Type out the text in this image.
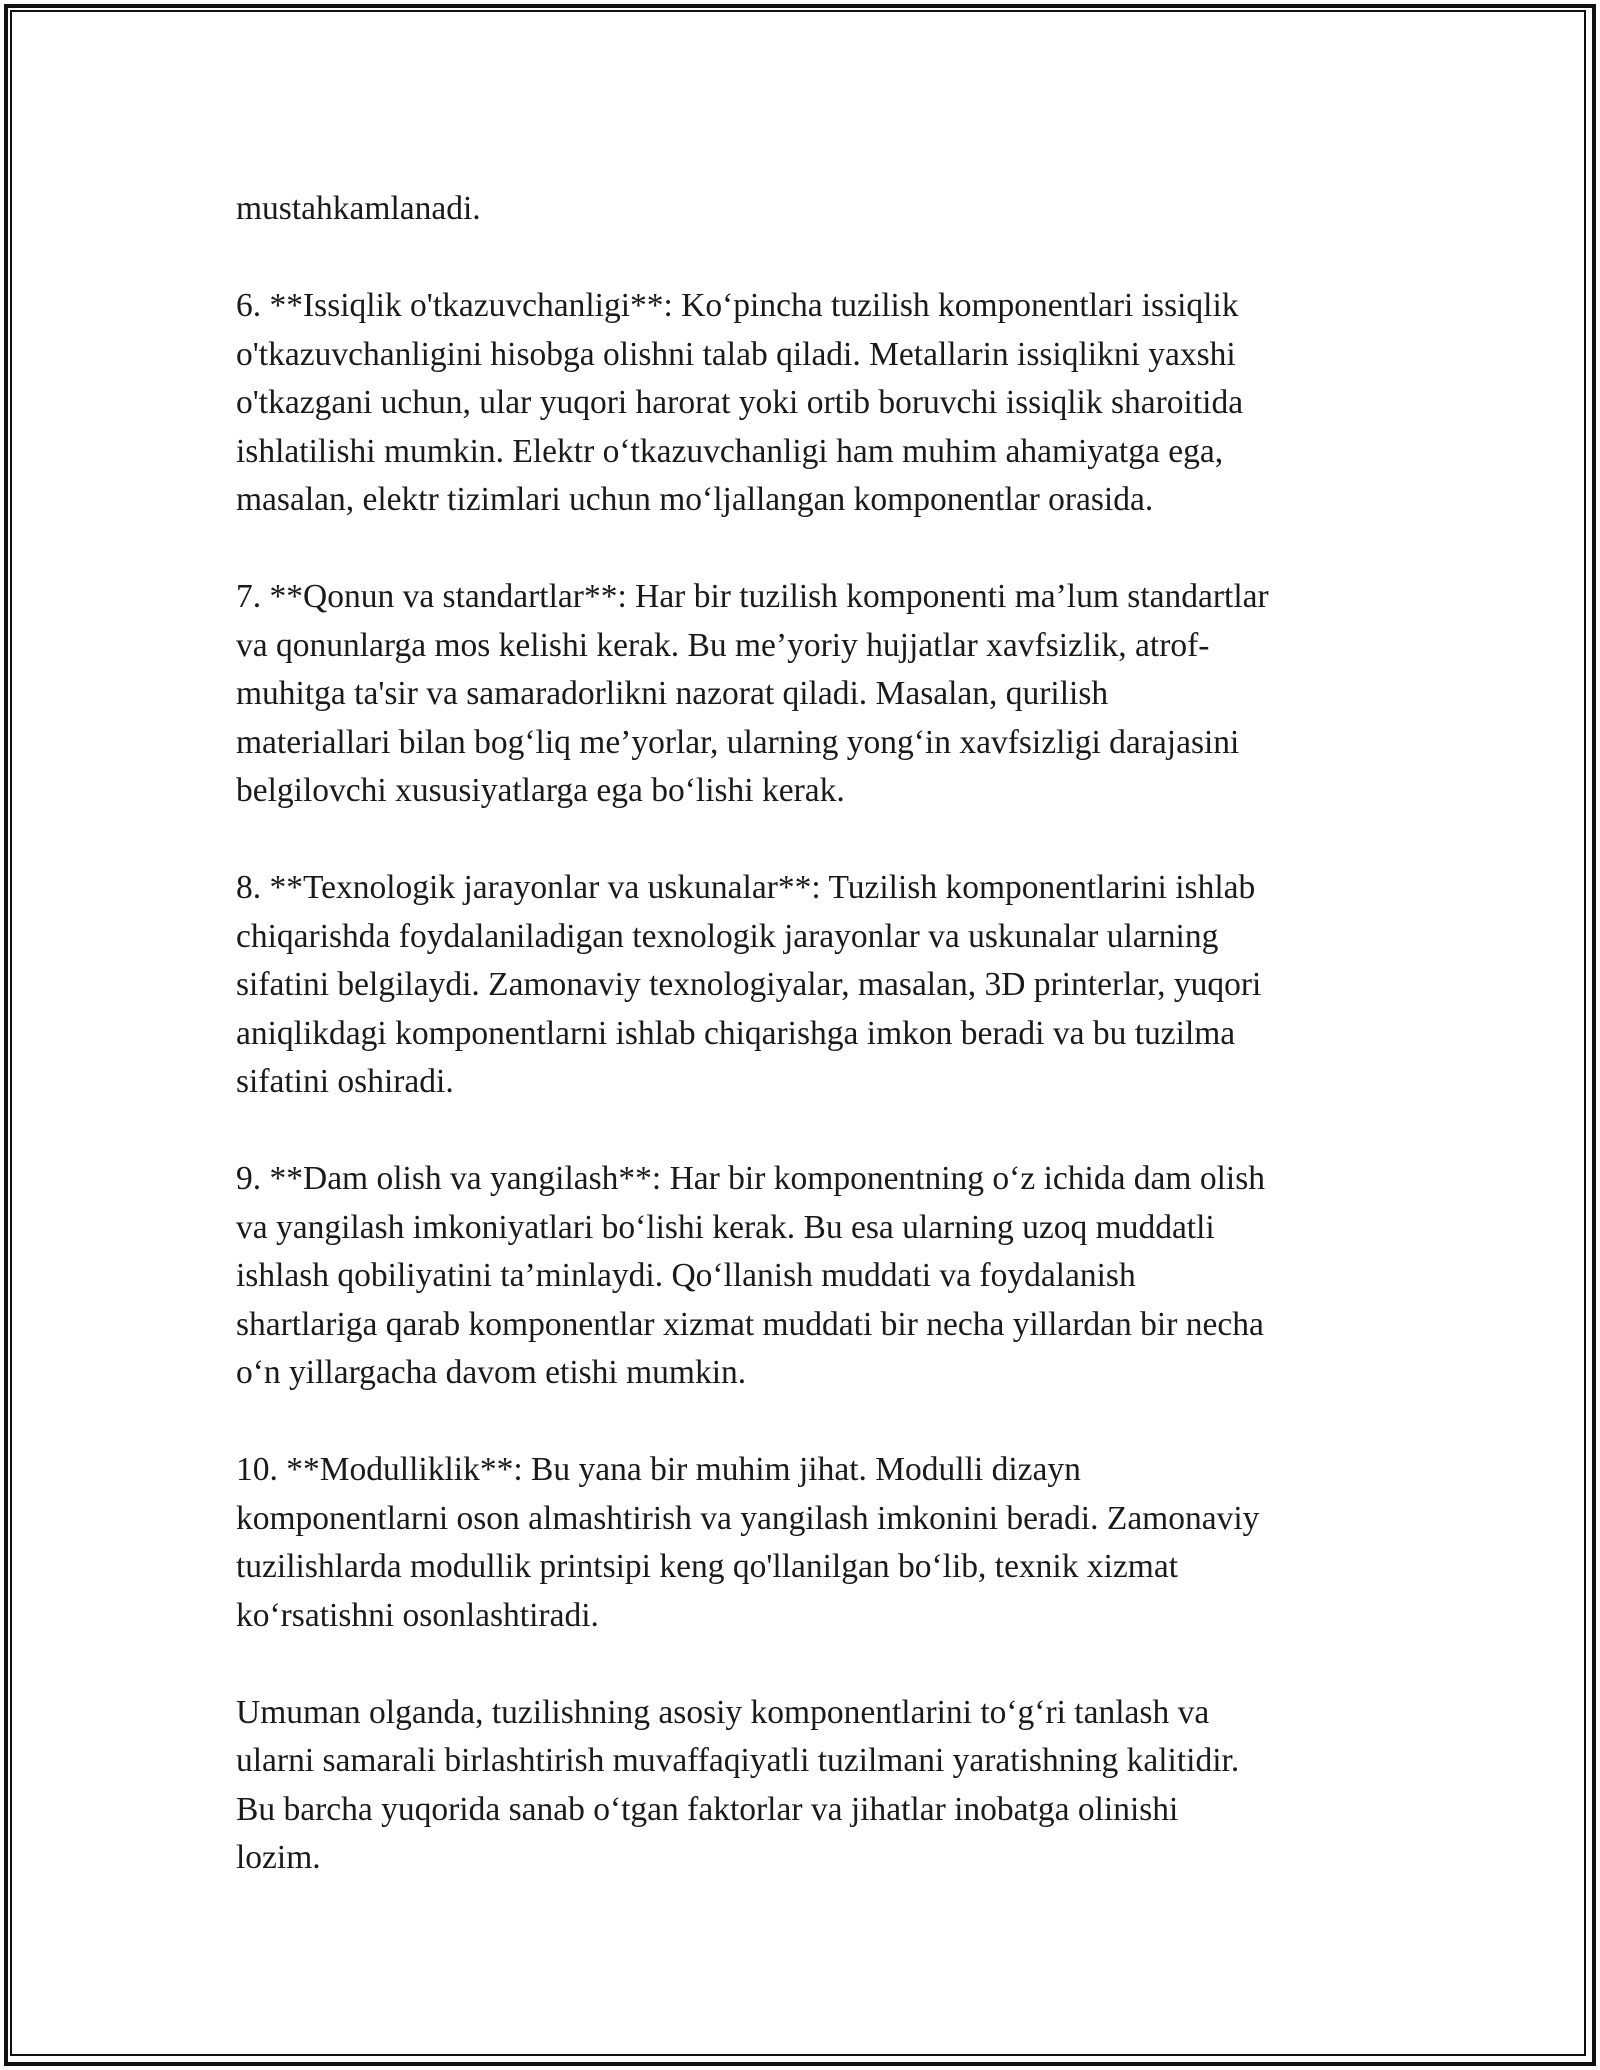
mustahkamlanadi.

6. **Issiqlik o'tkazuvchanligi**: Koʻpincha tuzilish komponentlari issiqlik
o'tkazuvchanligini hisobga olishni talab qiladi. Metallarin issiqlikni yaxshi
o'tkazgani uchun, ular yuqori harorat yoki ortib boruvchi issiqlik sharoitida
ishlatilishi mumkin. Elektr oʻtkazuvchanligi ham muhim ahamiyatga ega,
masalan, elektr tizimlari uchun moʻljallangan komponentlar orasida.

7. **Qonun va standartlar**: Har bir tuzilish komponenti ma’lum standartlar
va qonunlarga mos kelishi kerak. Bu me’yoriy hujjatlar xavfsizlik, atrof-
muhitga ta'sir va samaradorlikni nazorat qiladi. Masalan, qurilish
materiallari bilan bogʻliq me’yorlar, ularning yongʻin xavfsizligi darajasini
belgilovchi xususiyatlarga ega boʻlishi kerak.

8. **Texnologik jarayonlar va uskunalar**: Tuzilish komponentlarini ishlab
chiqarishda foydalaniladigan texnologik jarayonlar va uskunalar ularning
sifatini belgilaydi. Zamonaviy texnologiyalar, masalan, 3D printerlar, yuqori
aniqlikdagi komponentlarni ishlab chiqarishga imkon beradi va bu tuzilma
sifatini oshiradi.

9. **Dam olish va yangilash**: Har bir komponentning oʻz ichida dam olish
va yangilash imkoniyatlari boʻlishi kerak. Bu esa ularning uzoq muddatli
ishlash qobiliyatini ta’minlaydi. Qoʻllanish muddati va foydalanish
shartlariga qarab komponentlar xizmat muddati bir necha yillardan bir necha
oʻn yillargacha davom etishi mumkin.

10. **Modulliklik**: Bu yana bir muhim jihat. Modulli dizayn
komponentlarni oson almashtirish va yangilash imkonini beradi. Zamonaviy
tuzilishlarda modullik printsipi keng qo'llanilgan boʻlib, texnik xizmat
koʻrsatishni osonlashtiradi.

Umuman olganda, tuzilishning asosiy komponentlarini toʻgʻri tanlash va
ularni samarali birlashtirish muvaffaqiyatli tuzilmani yaratishning kalitidir.
Bu barcha yuqorida sanab oʻtgan faktorlar va jihatlar inobatga olinishi
lozim.
